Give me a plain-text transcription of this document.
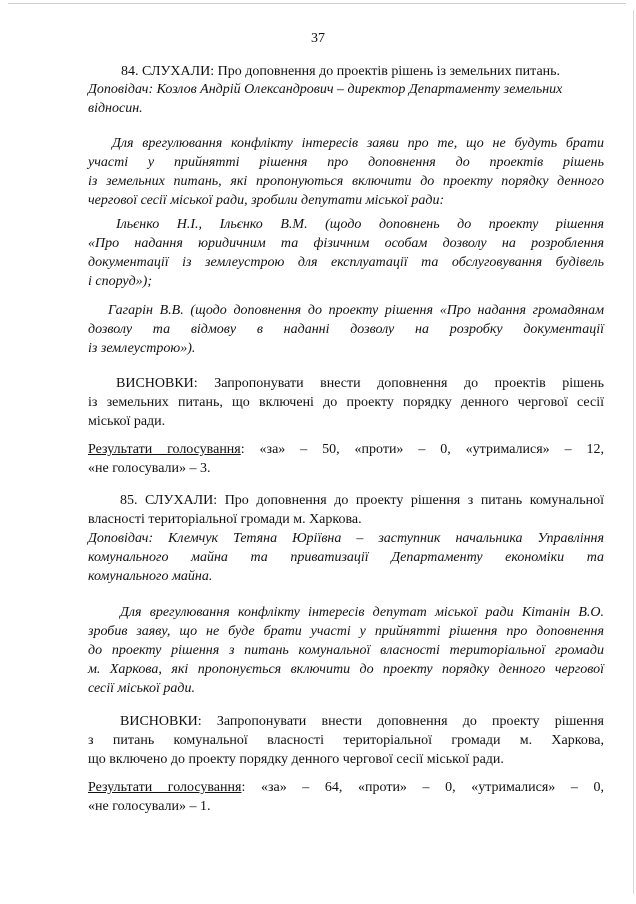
37
84. СЛУХАЛИ: Про доповнення до проектів рішень із земельних питань.
Доповідач: Козлов Андрій Олександрович – директор Департаменту земельних
відносин.
Для врегулювання конфлікту інтересів заяви про те, що не будуть брати
участі у прийнятті рішення про доповнення до проектів рішень
із земельних питань, які пропонуються включити до проекту порядку денного
чергової сесії міської ради, зробили депутати міської ради:
Ільєнко Н.І., Ільєнко В.М. (щодо доповнень до проекту рішення
«Про надання юридичним та фізичним особам дозволу на розроблення
документації із землеустрою для експлуатації та обслуговування будівель
і споруд»);
Гагарін В.В. (щодо доповнення до проекту рішення «Про надання громадянам
дозволу та відмову в наданні дозволу на розробку документації
із землеустрою»).
ВИСНОВКИ: Запропонувати внести доповнення до проектів рішень
із земельних питань, що включені до проекту порядку денного чергової сесії
міської ради.
Результати голосування: «за» – 50, «проти» – 0, «утрималися» – 12,
«не голосували» – 3.
85. СЛУХАЛИ: Про доповнення до проекту рішення з питань комунальної
власності територіальної громади м. Харкова.
Доповідач: Клемчук Тетяна Юріївна – заступник начальника Управління
комунального майна та приватизації Департаменту економіки та
комунального майна.
Для врегулювання конфлікту інтересів депутат міської ради Кітанін В.О.
зробив заяву, що не буде брати участі у прийнятті рішення про доповнення
до проекту рішення з питань комунальної власності територіальної громади
м. Харкова, які пропонується включити до проекту порядку денного чергової
сесії міської ради.
ВИСНОВКИ: Запропонувати внести доповнення до проекту рішення
з питань комунальної власності територіальної громади м. Харкова,
що включено до проекту порядку денного чергової сесії міської ради.
Результати голосування: «за» – 64, «проти» – 0, «утрималися» – 0,
«не голосували» – 1.
